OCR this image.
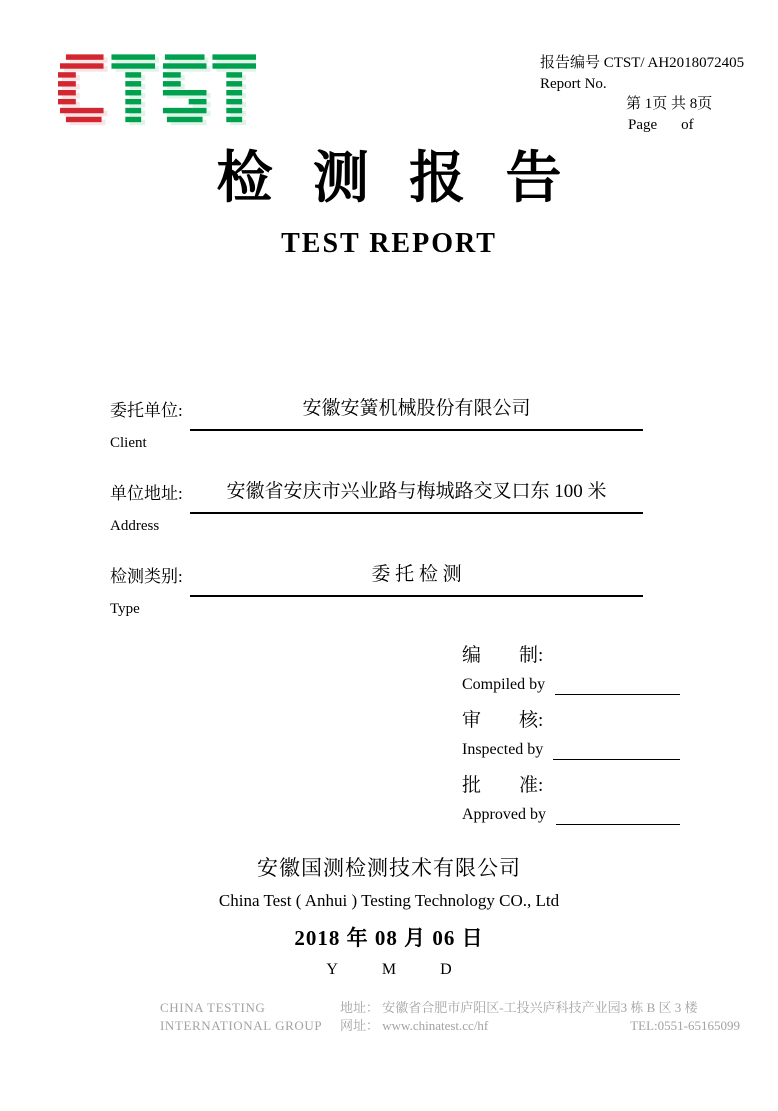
报告编号 CTST/ AH2018072405
Report No.
第 1页 共 8页
Page of
检测报告
TEST REPORT
委托单位:	安徽安簧机械股份有限公司
Client
单位地址:	安徽省安庆市兴业路与梅城路交叉口东 100 米
Address
检测类别:	委 托 检 测
Type
编　　制:
Compiled by
审　　核:
Inspected by
批　　准:
Approved by
安徽国测检测技术有限公司
China Test ( Anhui ) Testing Technology CO., Ltd
2018 年 08 月 06 日
Y	M	D
CHINA TESTING
INTERNATIONAL GROUP
地址： 安徽省合肥市庐阳区-工投兴庐科技产业园3 栋 B 区 3 楼
网址： www.chinatest.cc/hf	TEL:0551-65165099
